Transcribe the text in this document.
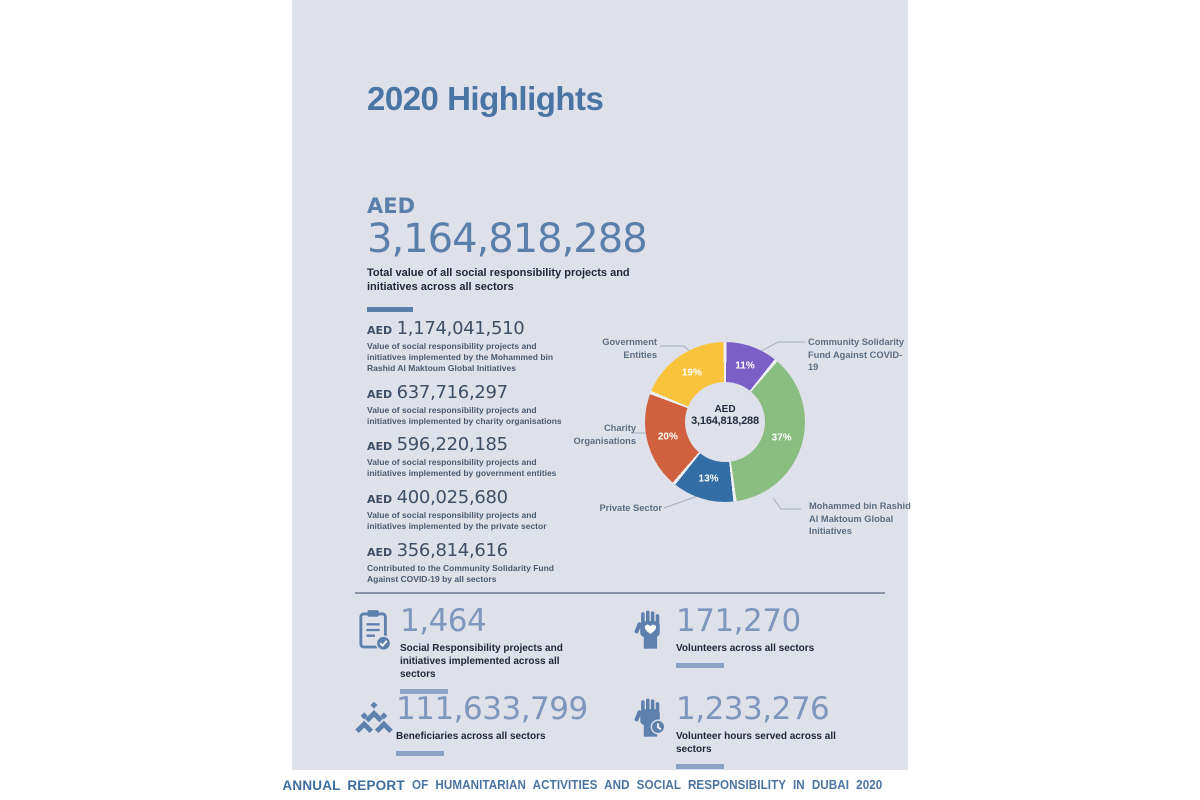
2020 Highlights
AED
3,164,818,288
Total value of all social responsibility projects and initiatives across all sectors
AED 1,174,041,510
Value of social responsibility projects and initiatives implemented by the Mohammed bin Rashid Al Maktoum Global Initiatives
AED 637,716,297
Value of social responsibility projects and initiatives implemented by charity organisations
AED 596,220,185
Value of social responsibility projects and initiatives implemented by government entities
AED 400,025,680
Value of social responsibility projects and initiatives implemented by the private sector
AED 356,814,616
Contributed to the Community Solidarity Fund Against COVID-19 by all sectors
AED
3,164,818,288
11%
37%
13%
20%
19%
Government Entities
Community Solidarity Fund Against COVID-19
Charity Organisations
Private Sector	Mohammed bin Rashid Al Maktoum Global Initiatives
1,464
Social Responsibility projects and initiatives implemented across all sectors
171,270
Volunteers across all sectors
111,633,799
Beneficiaries across all sectors
1,233,276
Volunteer hours served across all sectors
ANNUAL REPORT OF HUMANITARIAN ACTIVITIES AND SOCIAL RESPONSIBILITY IN DUBAI 2020
